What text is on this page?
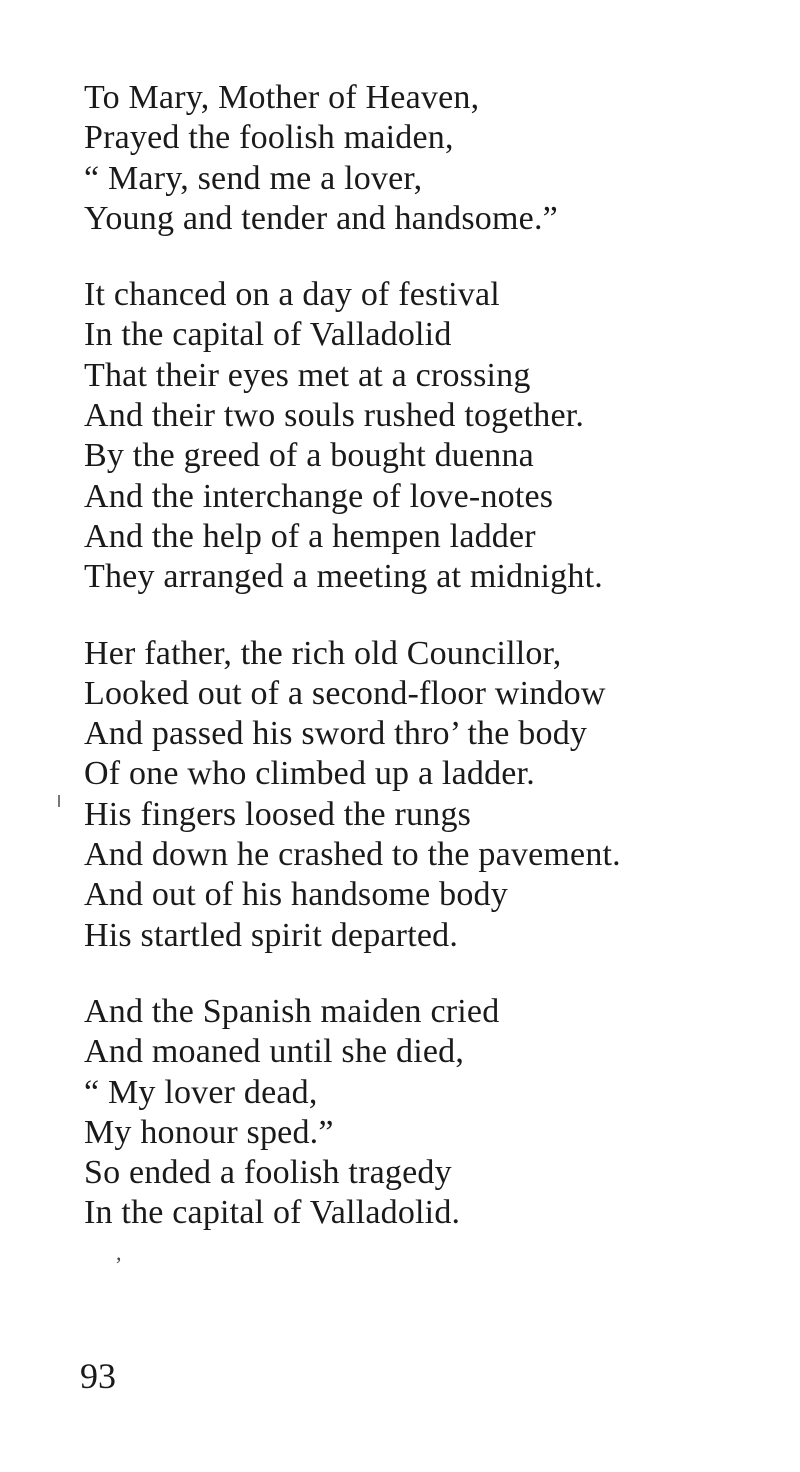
To Mary, Mother of Heaven,
Prayed the foolish maiden,
“ Mary, send me a lover,
Young and tender and handsome.”
It chanced on a day of festival
In the capital of Valladolid
That their eyes met at a crossing
And their two souls rushed together.
By the greed of a bought duenna
And the interchange of love-notes
And the help of a hempen ladder
They arranged a meeting at midnight.
Her father, the rich old Councillor,
Looked out of a second-floor window
And passed his sword thro’ the body
Of one who climbed up a ladder.
His fingers loosed the rungs
And down he crashed to the pavement.
And out of his handsome body
His startled spirit departed.
And the Spanish maiden cried
And moaned until she died,
“ My lover dead,
My honour sped.”
So ended a foolish tragedy
In the capital of Valladolid.
,
93
